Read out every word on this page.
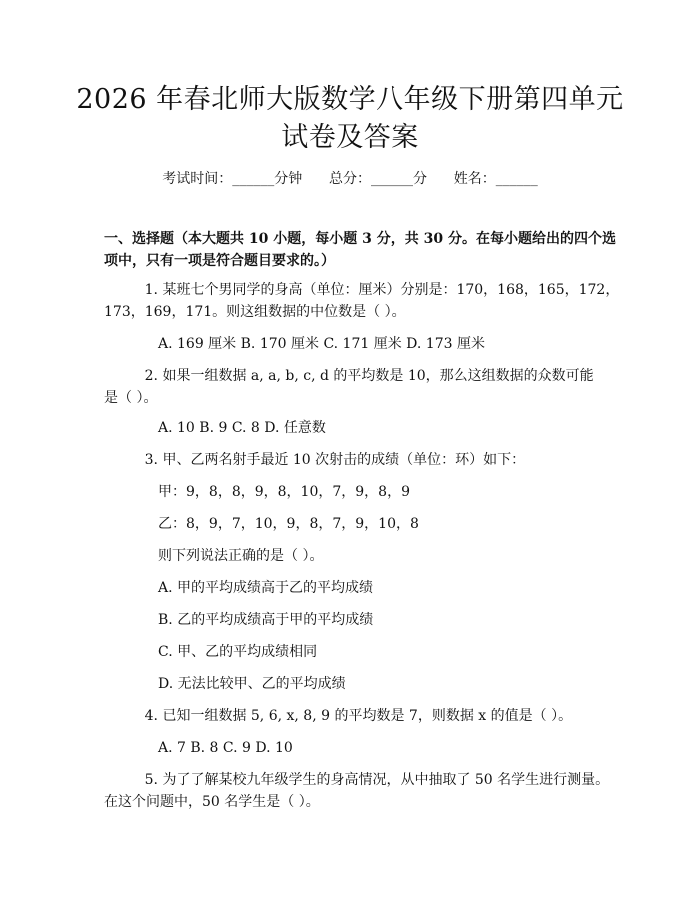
2026 年春北师大版数学八年级下册第四单元
试卷及答案
考试时间：______分钟      总分：______分      姓名：______
一、选择题（本大题共 10 小题，每小题 3 分，共 30 分。在每小题给出的四个选
项中，只有一项是符合题目要求的。）
1. 某班七个男同学的身高（单位：厘米）分别是：170，168，165，172，
173，169，171。则这组数据的中位数是（ ）。
A. 169 厘米 B. 170 厘米 C. 171 厘米 D. 173 厘米
2. 如果一组数据 a, a, b, c, d 的平均数是 10，那么这组数据的众数可能
是（ ）。
A. 10 B. 9 C. 8 D. 任意数
3. 甲、乙两名射手最近 10 次射击的成绩（单位：环）如下：
甲：9，8，8，9，8，10，7，9，8，9
乙：8，9，7，10，9，8，7，9，10，8
则下列说法正确的是（ ）。
A. 甲的平均成绩高于乙的平均成绩
B. 乙的平均成绩高于甲的平均成绩
C. 甲、乙的平均成绩相同
D. 无法比较甲、乙的平均成绩
4. 已知一组数据 5, 6, x, 8, 9 的平均数是 7，则数据 x 的值是（ ）。
A. 7 B. 8 C. 9 D. 10
5. 为了了解某校九年级学生的身高情况，从中抽取了 50 名学生进行测量。
在这个问题中，50 名学生是（ ）。
